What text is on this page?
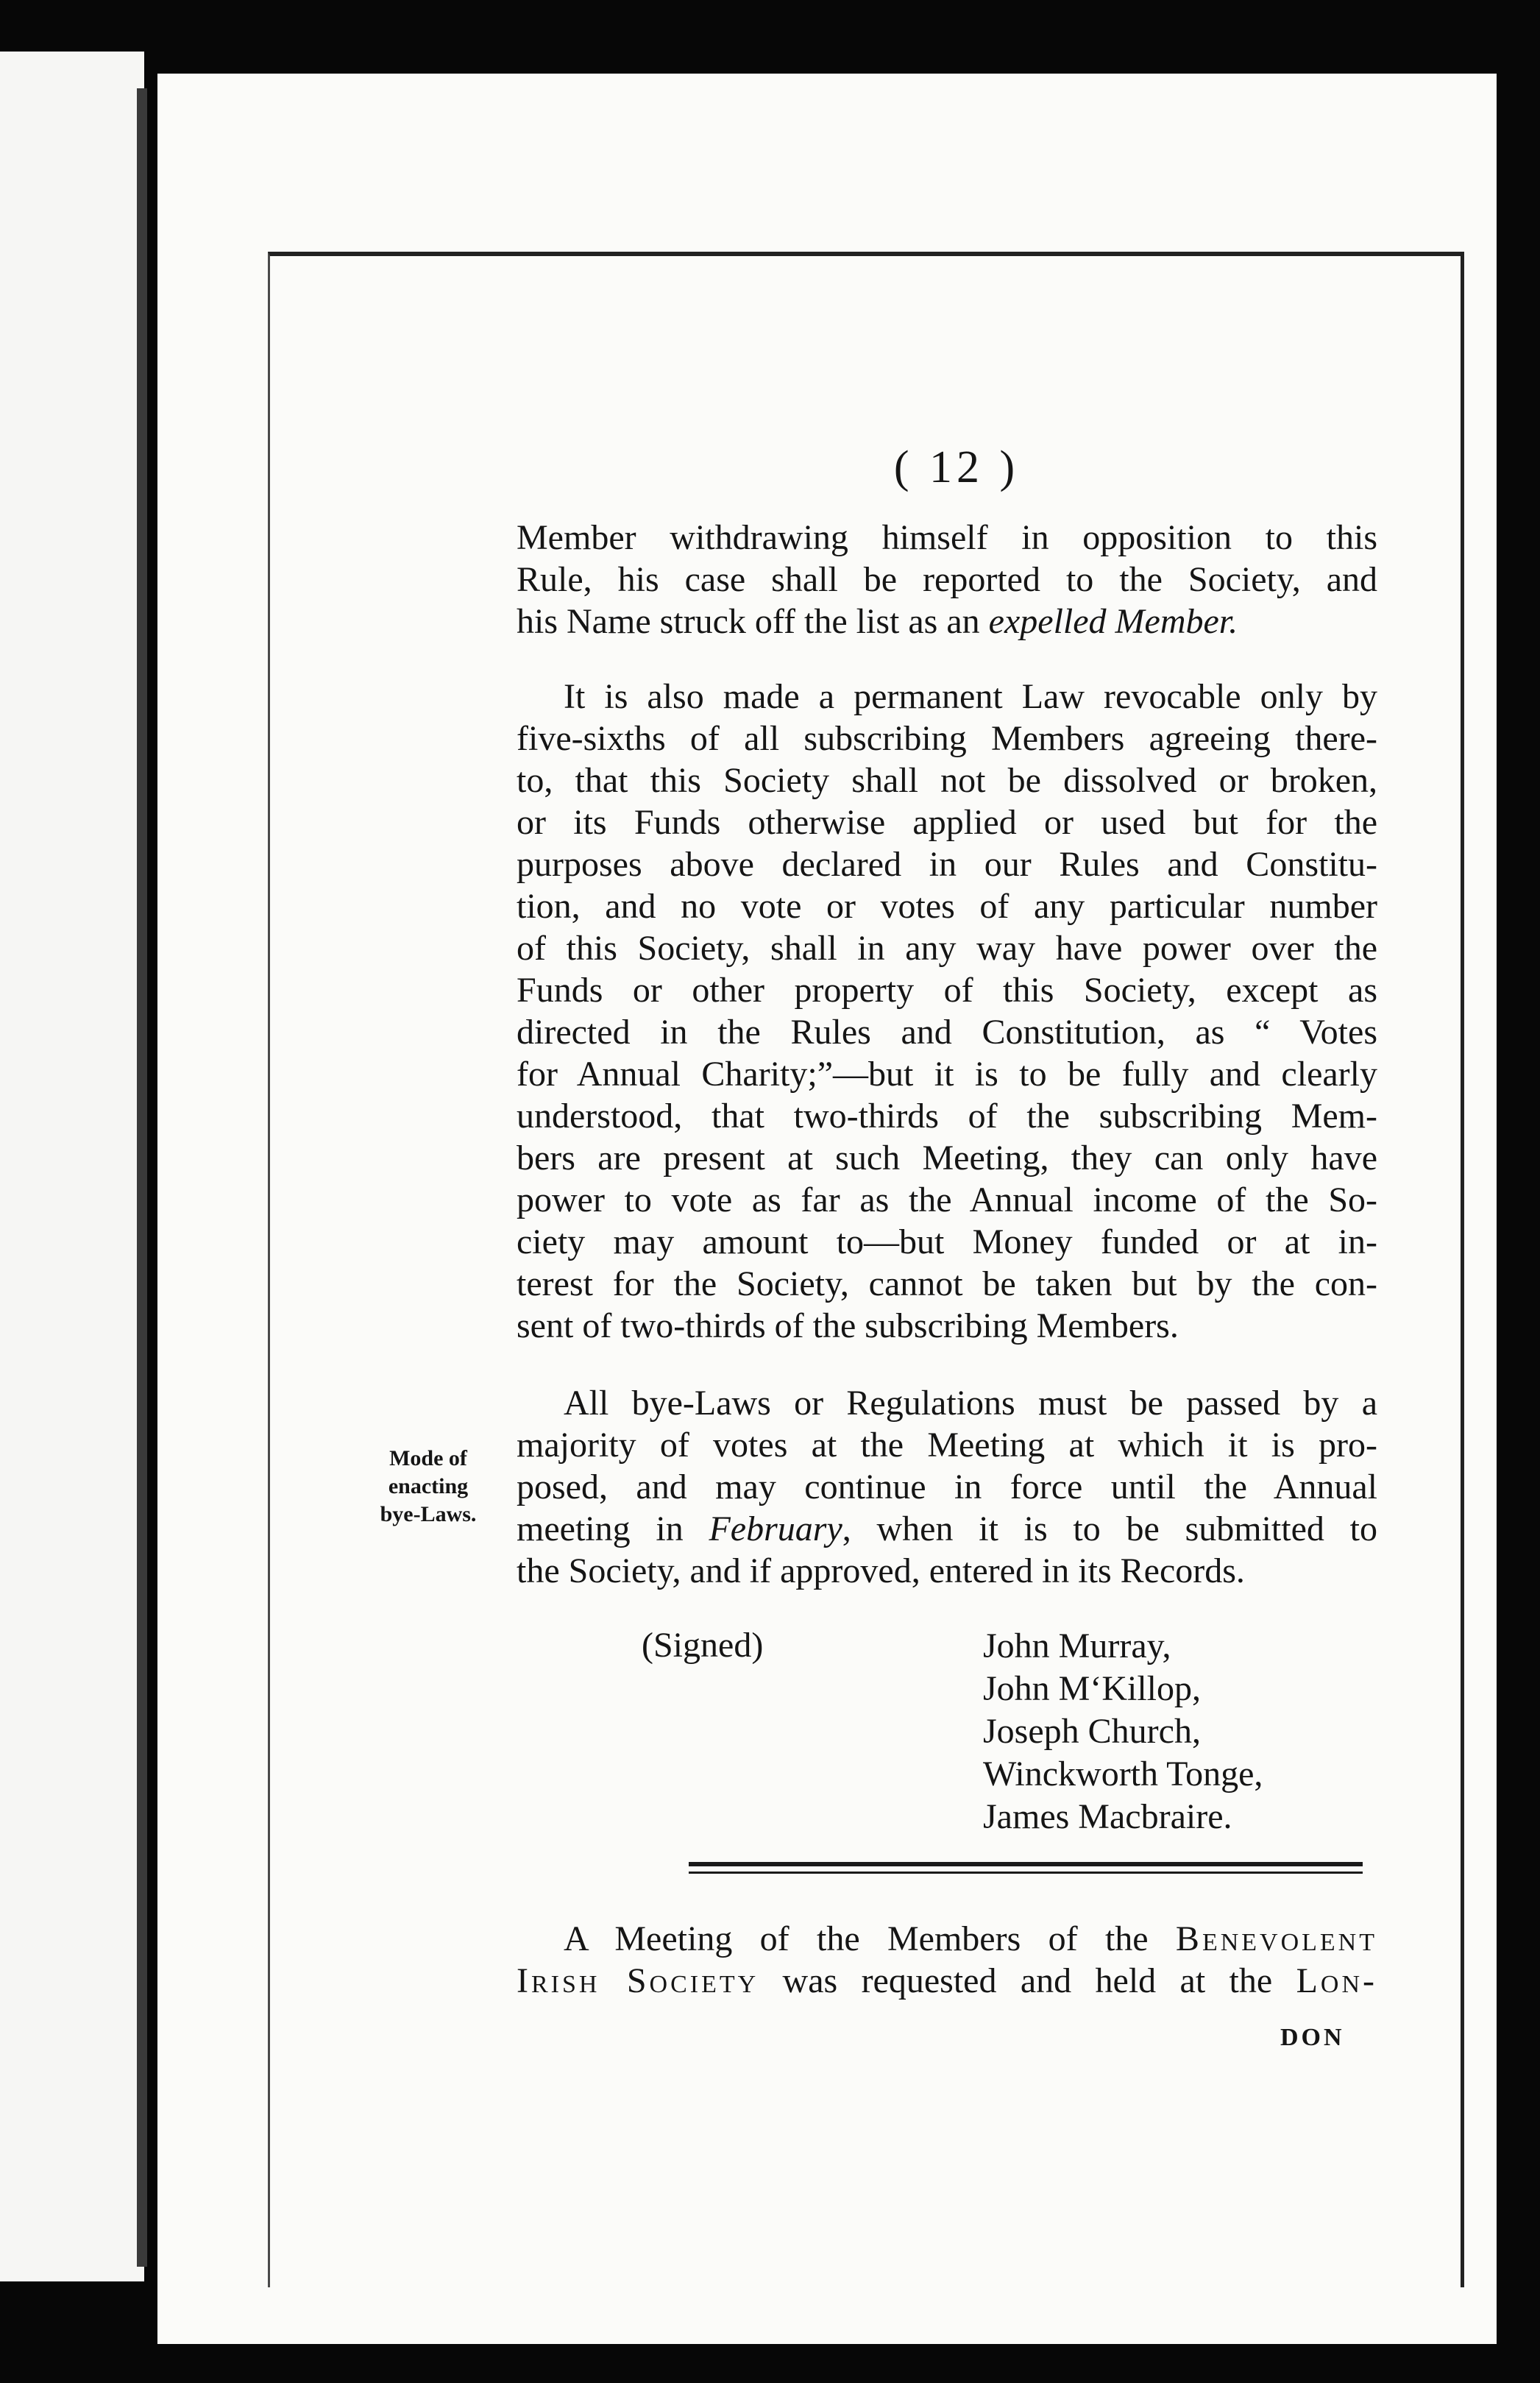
( 12 )
Member withdrawing himself in opposition to this
Rule, his case shall be reported to the Society, and
his Name struck off the list as an expelled Member.
It is also made a permanent Law revocable only by
five-sixths of all subscribing Members agreeing there-
to, that this Society shall not be dissolved or broken,
or its Funds otherwise applied or used but for the
purposes above declared in our Rules and Constitu-
tion, and no vote or votes of any particular number
of this Society, shall in any way have power over the
Funds or other property of this Society, except as
directed in the Rules and Constitution, as “ Votes
for Annual Charity;”—but it is to be fully and clearly
understood, that two-thirds of the subscribing Mem-
bers are present at such Meeting, they can only have
power to vote as far as the Annual income of the So-
ciety may amount to—but Money funded or at in-
terest for the Society, cannot be taken but by the con-
sent of two-thirds of the subscribing Members.
All bye-Laws or Regulations must be passed by a
majority of votes at the Meeting at which it is pro-
posed, and may continue in force until the Annual
meeting in February, when it is to be submitted to
the Society, and if approved, entered in its Records.
Mode of
enacting
bye-Laws.
(Signed)	John Murray,
John M‘Killop,
Joseph Church,
Winckworth Tonge,
James Macbraire.
A Meeting of the Members of the Benevolent
Irish Society was requested and held at the Lon-
DON
